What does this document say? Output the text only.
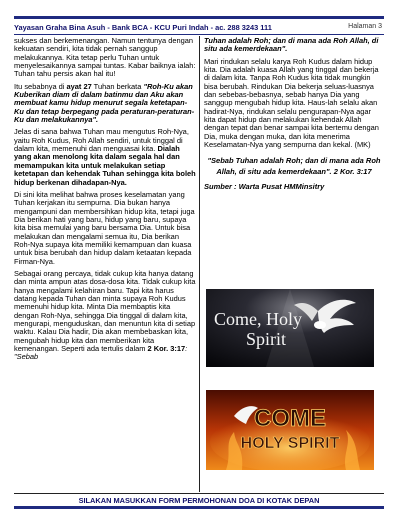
Yayasan Graha Bina Asuh - Bank BCA - KCU Puri Indah - ac. 288 3243 111	Halaman 3

sukses dan berkemenangan. Namun tentunya dengan kekuatan sendiri, kita tidak pernah sanggup melakukannya. Kita tetap perlu Tuhan untuk menyelesaikannya sampai tuntas. Kabar baiknya ialah: Tuhan tahu persis akan hal itu!

Itu sebabnya di ayat 27 Tuhan berkata "Roh-Ku akan Kuberikan diam di dalam batinmu dan Aku akan membuat kamu hidup menurut segala ketetapan-Ku dan tetap berpegang pada peraturan-peraturan-Ku dan melakukannya".

Jelas di sana bahwa Tuhan mau mengutus Roh-Nya, yaitu Roh Kudus, Roh Allah sendiri, untuk tinggal di dalam kita, memenuhi dan menguasai kita. Dialah yang akan menolong kita dalam segala hal dan memampukan kita untuk melakukan setiap ketetapan dan kehendak Tuhan sehingga kita boleh hidup berkenan dihadapan-Nya.

Di sini kita melihat bahwa proses keselamatan yang Tuhan kerjakan itu sempurna. Dia bukan hanya mengampuni dan membersihkan hidup kita, tetapi juga Dia berikan hati yang baru, hidup yang baru, supaya kita bisa memulai yang baru bersama Dia. Untuk bisa melakukan dan mengalami semua itu, Dia berikan Roh-Nya supaya kita memiliki kemampuan dan kuasa untuk bisa berubah dan hidup dalam ketaatan kepada Firman-Nya.

Sebagai orang percaya, tidak cukup kita hanya datang dan minta ampun atas dosa-dosa kita. Tidak cukup kita hanya mengalami kelahiran baru. Tapi kita harus datang kepada Tuhan dan minta supaya Roh Kudus memenuhi hidup kita. Minta Dia membaptis kita dengan Roh-Nya, sehingga Dia tinggal di dalam kita, mengurapi, menguduskan, dan menuntun kita di setiap waktu. Kalau Dia hadir, Dia akan membebaskan kita, mengubah hidup kita dan memberikan kita kemenangan. Seperti ada tertulis dalam 2 Kor. 3:17: "Sebab

Tuhan adalah Roh; dan di mana ada Roh Allah, di situ ada kemerdekaan".

Mari rindukan selalu karya Roh Kudus dalam hidup kita. Dia adalah kuasa Allah yang tinggal dan bekerja di dalam kita. Tanpa Roh Kudus kita tidak mungkin bisa berubah. Rindukan Dia bekerja seluas-luasnya dan sebebas-bebasnya, sebab hanya Dia yang sanggup mengubah hidup kita. Haus-lah selalu akan hadirat-Nya, rindukan selalu pengurapan-Nya agar kita dapat hidup dan melakukan kehendak Allah dengan tepat dan benar sampai kita bertemu dengan Dia, muka dengan muka, dan kita menerima Keselamatan-Nya yang sempurna dan kekal. (MK)

"Sebab Tuhan adalah Roh; dan di mana ada Roh Allah, di situ ada kemerdekaan". 2 Kor. 3:17
Sumber : Warta Pusat HMMinsitry
Come, Holy
Spirit
COME
HOLY SPIRIT
SILAKAN MASUKKAN FORM PERMOHONAN DOA DI KOTAK DEPAN
